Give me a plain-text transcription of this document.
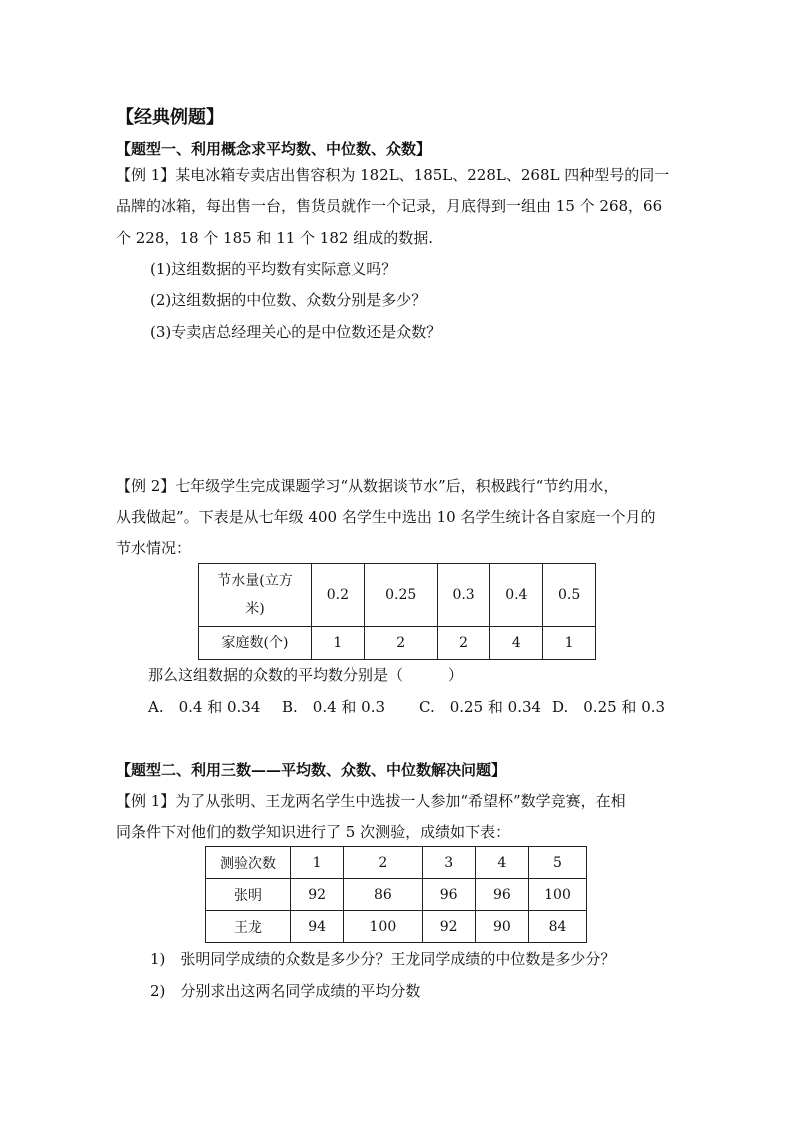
【经典例题】
【题型一、利用概念求平均数、中位数、众数】
【例 1】某电冰箱专卖店出售容积为 182L、185L、228L、268L 四种型号的同一
品牌的冰箱，每出售一台，售货员就作一个记录，月底得到一组由 15 个 268，66
个 228，18 个 185 和 11 个 182 组成的数据.
(1)这组数据的平均数有实际意义吗？
(2)这组数据的中位数、众数分别是多少？
(3)专卖店总经理关心的是中位数还是众数？
【例 2】七年级学生完成课题学习“从数据谈节水”后，积极践行“节约用水，
从我做起”。下表是从七年级 400 名学生中选出 10 名学生统计各自家庭一个月的
节水情况：
节水量(立方
米)	0.2	0.25	0.3	0.4	0.5
家庭数(个)	1	2	2	4	1
那么这组数据的众数的平均数分别是（　　　）
A.　0.4 和 0.34	B.　0.4 和 0.3	C.　0.25 和 0.34 D.　0.25 和 0.3
【题型二、利用三数——平均数、众数、中位数解决问题】
【例 1】为了从张明、王龙两名学生中选拔一人参加“希望杯”数学竞赛，在相
同条件下对他们的数学知识进行了 5 次测验，成绩如下表：
测验次数	1	2	3	4	5
张明	92	86	96	96	100
王龙	94	100	92	90	84
1)　张明同学成绩的众数是多少分？王龙同学成绩的中位数是多少分？
2)　分别求出这两名同学成绩的平均分数
